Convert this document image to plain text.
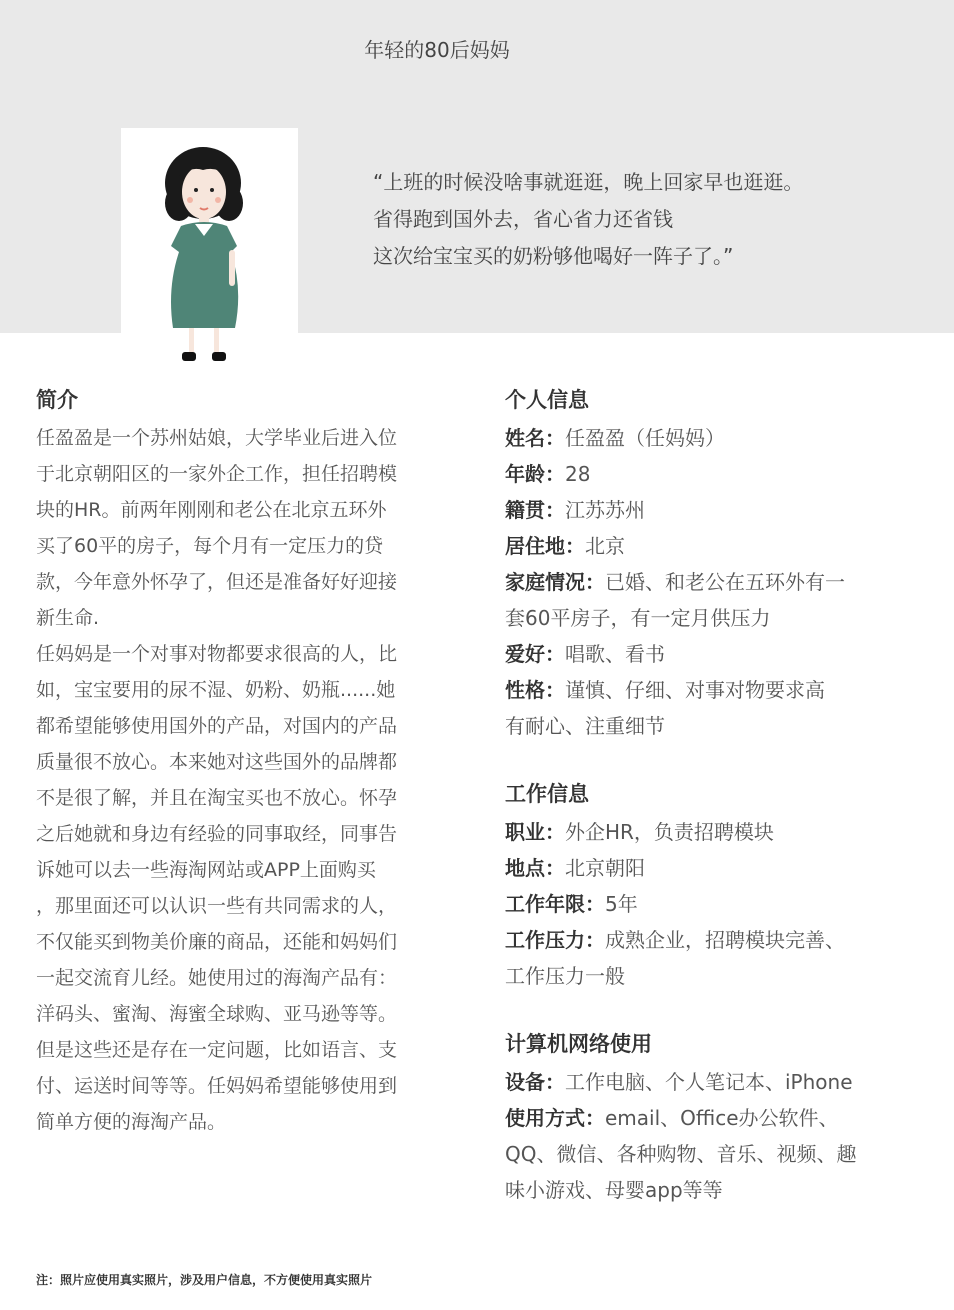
年轻的80后妈妈
“上班的时候没啥事就逛逛，晚上回家早也逛逛。
省得跑到国外去，省心省力还省钱
这次给宝宝买的奶粉够他喝好一阵子了。”
简介
任盈盈是一个苏州姑娘，大学毕业后进入位
于北京朝阳区的一家外企工作，担任招聘模
块的HR。前两年刚刚和老公在北京五环外
买了60平的房子，每个月有一定压力的贷
款，今年意外怀孕了，但还是准备好好迎接
新生命.
任妈妈是一个对事对物都要求很高的人，比
如，宝宝要用的尿不湿、奶粉、奶瓶......她
都希望能够使用国外的产品，对国内的产品
质量很不放心。本来她对这些国外的品牌都
不是很了解，并且在淘宝买也不放心。怀孕
之后她就和身边有经验的同事取经，同事告
诉她可以去一些海淘网站或APP上面购买
，那里面还可以认识一些有共同需求的人，
不仅能买到物美价廉的商品，还能和妈妈们
一起交流育儿经。她使用过的海淘产品有：
洋码头、蜜淘、海蜜全球购、亚马逊等等。
但是这些还是存在一定问题，比如语言、支
付、运送时间等等。任妈妈希望能够使用到
简单方便的海淘产品。
个人信息
姓名：任盈盈（任妈妈）
年龄：28
籍贯：江苏苏州
居住地：北京
家庭情况：已婚、和老公在五环外有一
套60平房子，有一定月供压力
爱好：唱歌、看书
性格：谨慎、仔细、对事对物要求高
有耐心、注重细节
工作信息
职业：外企HR，负责招聘模块
地点：北京朝阳
工作年限：5年
工作压力：成熟企业，招聘模块完善、
工作压力一般
计算机网络使用
设备：工作电脑、个人笔记本、iPhone
使用方式：email、Office办公软件、
QQ、微信、各种购物、音乐、视频、趣
味小游戏、母婴app等等
注：照片应使用真实照片，涉及用户信息，不方便使用真实照片
